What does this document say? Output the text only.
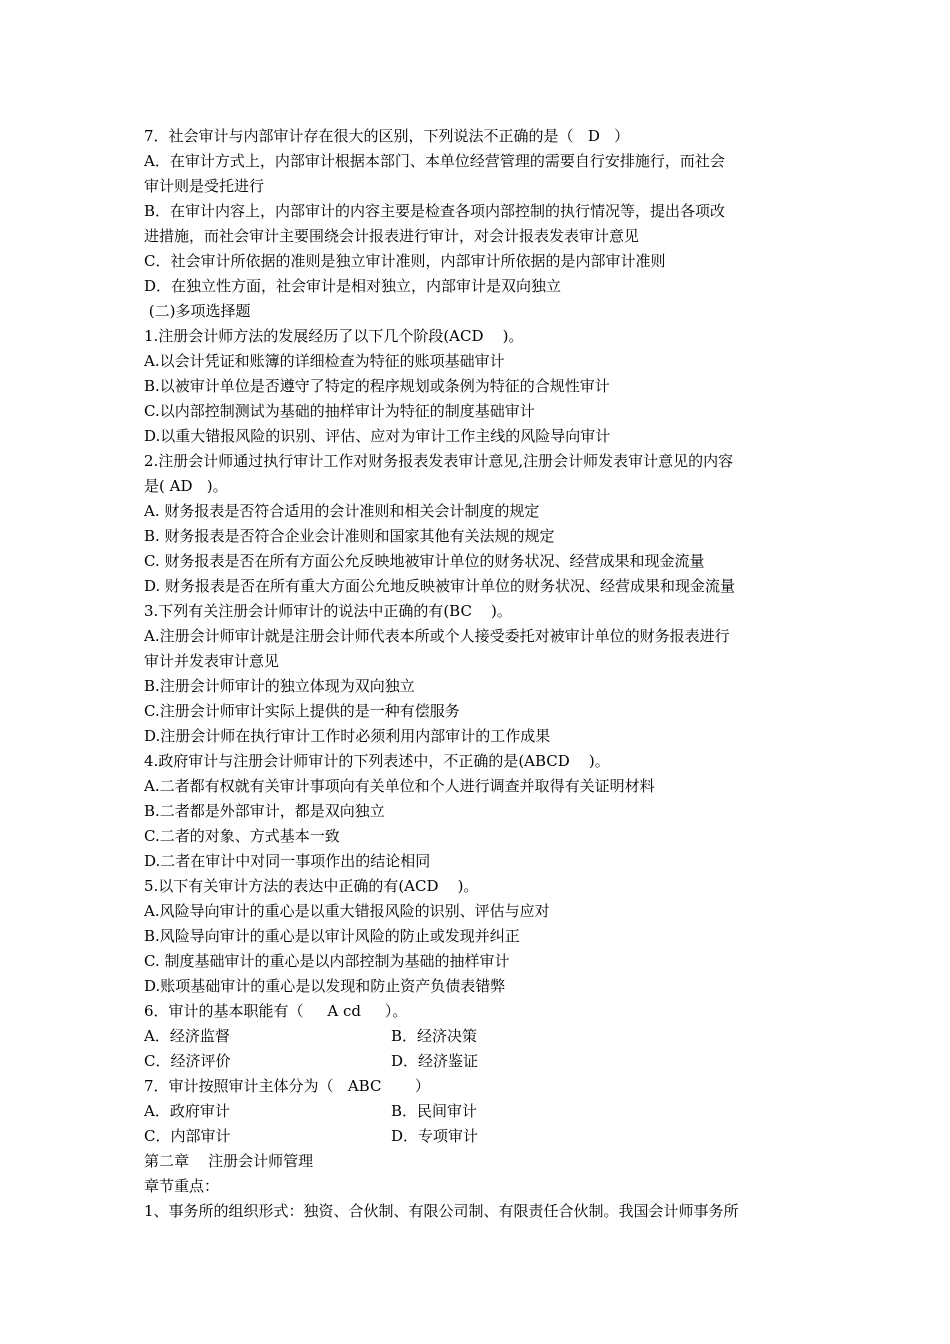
7．社会审计与内部审计存在很大的区别，下列说法不正确的是（   D   ）
A．在审计方式上，内部审计根据本部门、本单位经营管理的需要自行安排施行，而社会
审计则是受托进行
B．在审计内容上，内部审计的内容主要是检查各项内部控制的执行情况等，提出各项改
进措施，而社会审计主要围绕会计报表进行审计，对会计报表发表审计意见
C．社会审计所依据的准则是独立审计准则，内部审计所依据的是内部审计准则
D．在独立性方面，社会审计是相对独立，内部审计是双向独立
(二)多项选择题
1.注册会计师方法的发展经历了以下几个阶段(ACD    )。
A.以会计凭证和账簿的详细检查为特征的账项基础审计
B.以被审计单位是否遵守了特定的程序规划或条例为特征的合规性审计
C.以内部控制测试为基础的抽样审计为特征的制度基础审计
D.以重大错报风险的识别、评估、应对为审计工作主线的风险导向审计
2.注册会计师通过执行审计工作对财务报表发表审计意见,注册会计师发表审计意见的内容
是( AD   )。
A. 财务报表是否符合适用的会计准则和相关会计制度的规定
B. 财务报表是否符合企业会计准则和国家其他有关法规的规定
C. 财务报表是否在所有方面公允反映地被审计单位的财务状况、经营成果和现金流量
D. 财务报表是否在所有重大方面公允地反映被审计单位的财务状况、经营成果和现金流量
3.下列有关注册会计师审计的说法中正确的有(BC    )。
A.注册会计师审计就是注册会计师代表本所或个人接受委托对被审计单位的财务报表进行
审计并发表审计意见
B.注册会计师审计的独立体现为双向独立
C.注册会计师审计实际上提供的是一种有偿服务
D.注册会计师在执行审计工作时必须利用内部审计的工作成果
4.政府审计与注册会计师审计的下列表述中，不正确的是(ABCD    )。
A.二者都有权就有关审计事项向有关单位和个人进行调查并取得有关证明材料
B.二者都是外部审计，都是双向独立
C.二者的对象、方式基本一致
D.二者在审计中对同一事项作出的结论相同
5.以下有关审计方法的表达中正确的有(ACD    )。
A.风险导向审计的重心是以重大错报风险的识别、评估与应对
B.风险导向审计的重心是以审计风险的防止或发现并纠正
C. 制度基础审计的重心是以内部控制为基础的抽样审计
D.账项基础审计的重心是以发现和防止资产负债表错弊
6．审计的基本职能有（     A cd     ）。
A．经济监督	B．经济决策
C．经济评价	D．经济鉴证
7．审计按照审计主体分为（   ABC       ）
A．政府审计	B．民间审计
C．内部审计	D．专项审计
第二章    注册会计师管理
章节重点：
1、事务所的组织形式：独资、合伙制、有限公司制、有限责任合伙制。我国会计师事务所
